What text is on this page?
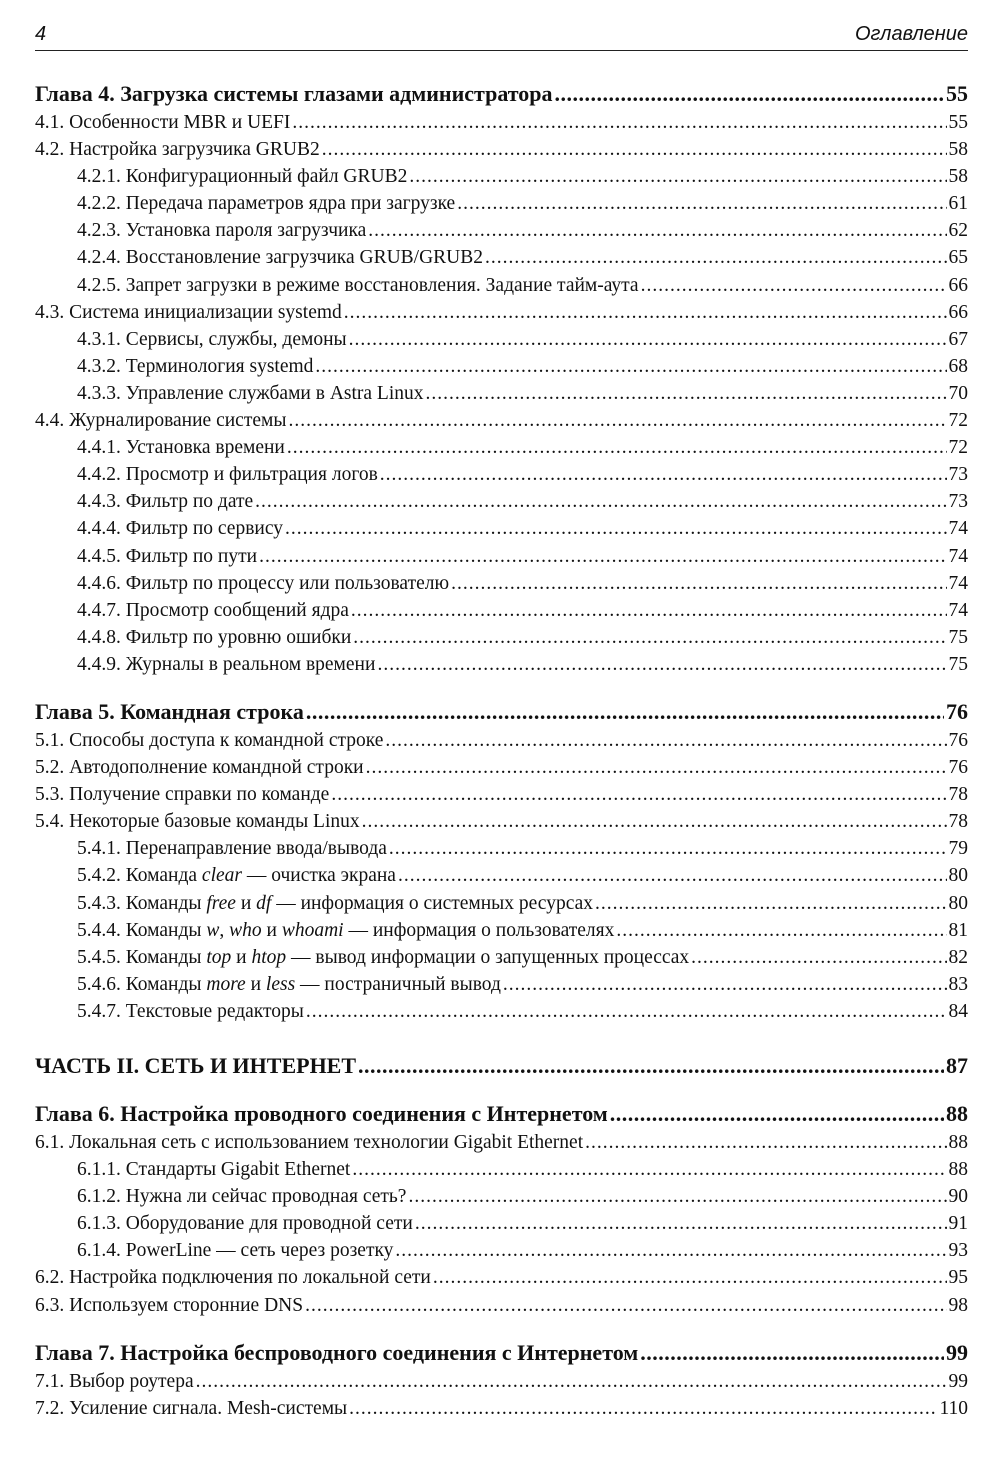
4	Оглавление
Глава 4. Загрузка системы глазами администратора .....	55
4.1. Особенности MBR и UEFI .....	55
4.2. Настройка загрузчика GRUB2 .....	58
4.2.1. Конфигурационный файл GRUB2 .....	58
4.2.2. Передача параметров ядра при загрузке .....	61
4.2.3. Установка пароля загрузчика .....	62
4.2.4. Восстановление загрузчика GRUB/GRUB2 .....	65
4.2.5. Запрет загрузки в режиме восстановления. Задание тайм-аута .....	66
4.3. Система инициализации systemd .....	66
4.3.1. Сервисы, службы, демоны .....	67
4.3.2. Терминология systemd .....	68
4.3.3. Управление службами в Astra Linux .....	70
4.4. Журналирование системы .....	72
4.4.1. Установка времени .....	72
4.4.2. Просмотр и фильтрация логов .....	73
4.4.3. Фильтр по дате .....	73
4.4.4. Фильтр по сервису .....	74
4.4.5. Фильтр по пути .....	74
4.4.6. Фильтр по процессу или пользователю .....	74
4.4.7. Просмотр сообщений ядра .....	74
4.4.8. Фильтр по уровню ошибки .....	75
4.4.9. Журналы в реальном времени .....	75
Глава 5. Командная строка .....	76
5.1. Способы доступа к командной строке .....	76
5.2. Автодополнение командной строки .....	76
5.3. Получение справки по команде .....	78
5.4. Некоторые базовые команды Linux .....	78
5.4.1. Перенаправление ввода/вывода .....	79
5.4.2. Команда clear — очистка экрана .....	80
5.4.3. Команды free и df — информация о системных ресурсах .....	80
5.4.4. Команды w, who и whoami — информация о пользователях .....	81
5.4.5. Команды top и htop — вывод информации о запущенных процессах .....	82
5.4.6. Команды more и less — постраничный вывод .....	83
5.4.7. Текстовые редакторы .....	84
ЧАСТЬ II. СЕТЬ И ИНТЕРНЕТ .....	87
Глава 6. Настройка проводного соединения с Интернетом .....	88
6.1. Локальная сеть с использованием технологии Gigabit Ethernet .....	88
6.1.1. Стандарты Gigabit Ethernet .....	88
6.1.2. Нужна ли сейчас проводная сеть? .....	90
6.1.3. Оборудование для проводной сети .....	91
6.1.4. PowerLine — сеть через розетку .....	93
6.2. Настройка подключения по локальной сети .....	95
6.3. Используем сторонние DNS .....	98
Глава 7. Настройка беспроводного соединения с Интернетом .....	99
7.1. Выбор роутера .....	99
7.2. Усиление сигнала. Mesh-системы .....	110
